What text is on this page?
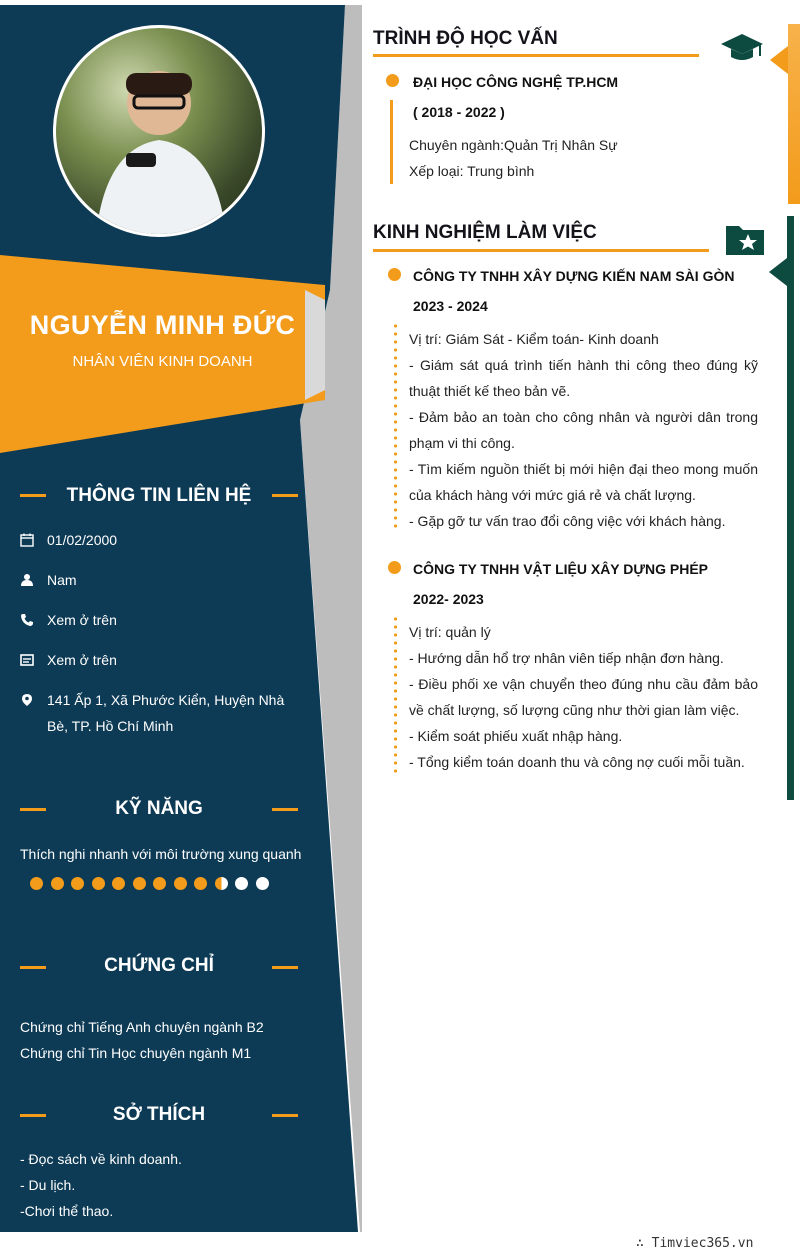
NGUYỄN MINH ĐỨC
NHÂN VIÊN KINH DOANH
THÔNG TIN LIÊN HỆ
01/02/2000
Nam
Xem ở trên
Xem ở trên
141 Ấp 1, Xã Phước Kiển, Huyện Nhà Bè, TP. Hồ Chí Minh
KỸ NĂNG
Thích nghi nhanh với môi trường xung quanh
CHỨNG CHỈ
Chứng chỉ Tiếng Anh chuyên ngành B2
Chứng chỉ Tin Học chuyên ngành M1
SỞ THÍCH
- Đọc sách về kinh doanh.
- Du lịch.
-Chơi thể thao.
TRÌNH ĐỘ HỌC VẤN
ĐẠI HỌC CÔNG NGHỆ TP.HCM
( 2018 - 2022 )
Chuyên ngành:Quản Trị Nhân Sự
Xếp loại: Trung bình
KINH NGHIỆM LÀM VIỆC
CÔNG TY TNHH XÂY DỰNG KIẾN NAM SÀI GÒN
2023 - 2024
Vị trí: Giám Sát - Kiểm toán- Kinh doanh
- Giám sát quá trình tiến hành thi công theo đúng kỹ thuật thiết kế theo bản vẽ.
- Đảm bảo an toàn cho công nhân và người dân trong phạm vi thi công.
- Tìm kiếm nguồn thiết bị mới hiện đại theo mong muốn của khách hàng với mức giá rẻ và chất lượng.
- Gặp gỡ tư vấn trao đổi công việc với khách hàng.
CÔNG TY TNHH VẬT LIỆU XÂY DỰNG PHÉP
2022- 2023
Vị trí: quản lý
- Hướng dẫn hổ trợ nhân viên tiếp nhận đơn hàng.
- Điều phối xe vận chuyển theo đúng nhu cầu đảm bảo về chất lượng, số lượng cũng như thời gian làm việc.
- Kiểm soát phiếu xuất nhập hàng.
- Tổng kiểm toán doanh thu và công nợ cuối mỗi tuần.
∴ Timviec365.vn
